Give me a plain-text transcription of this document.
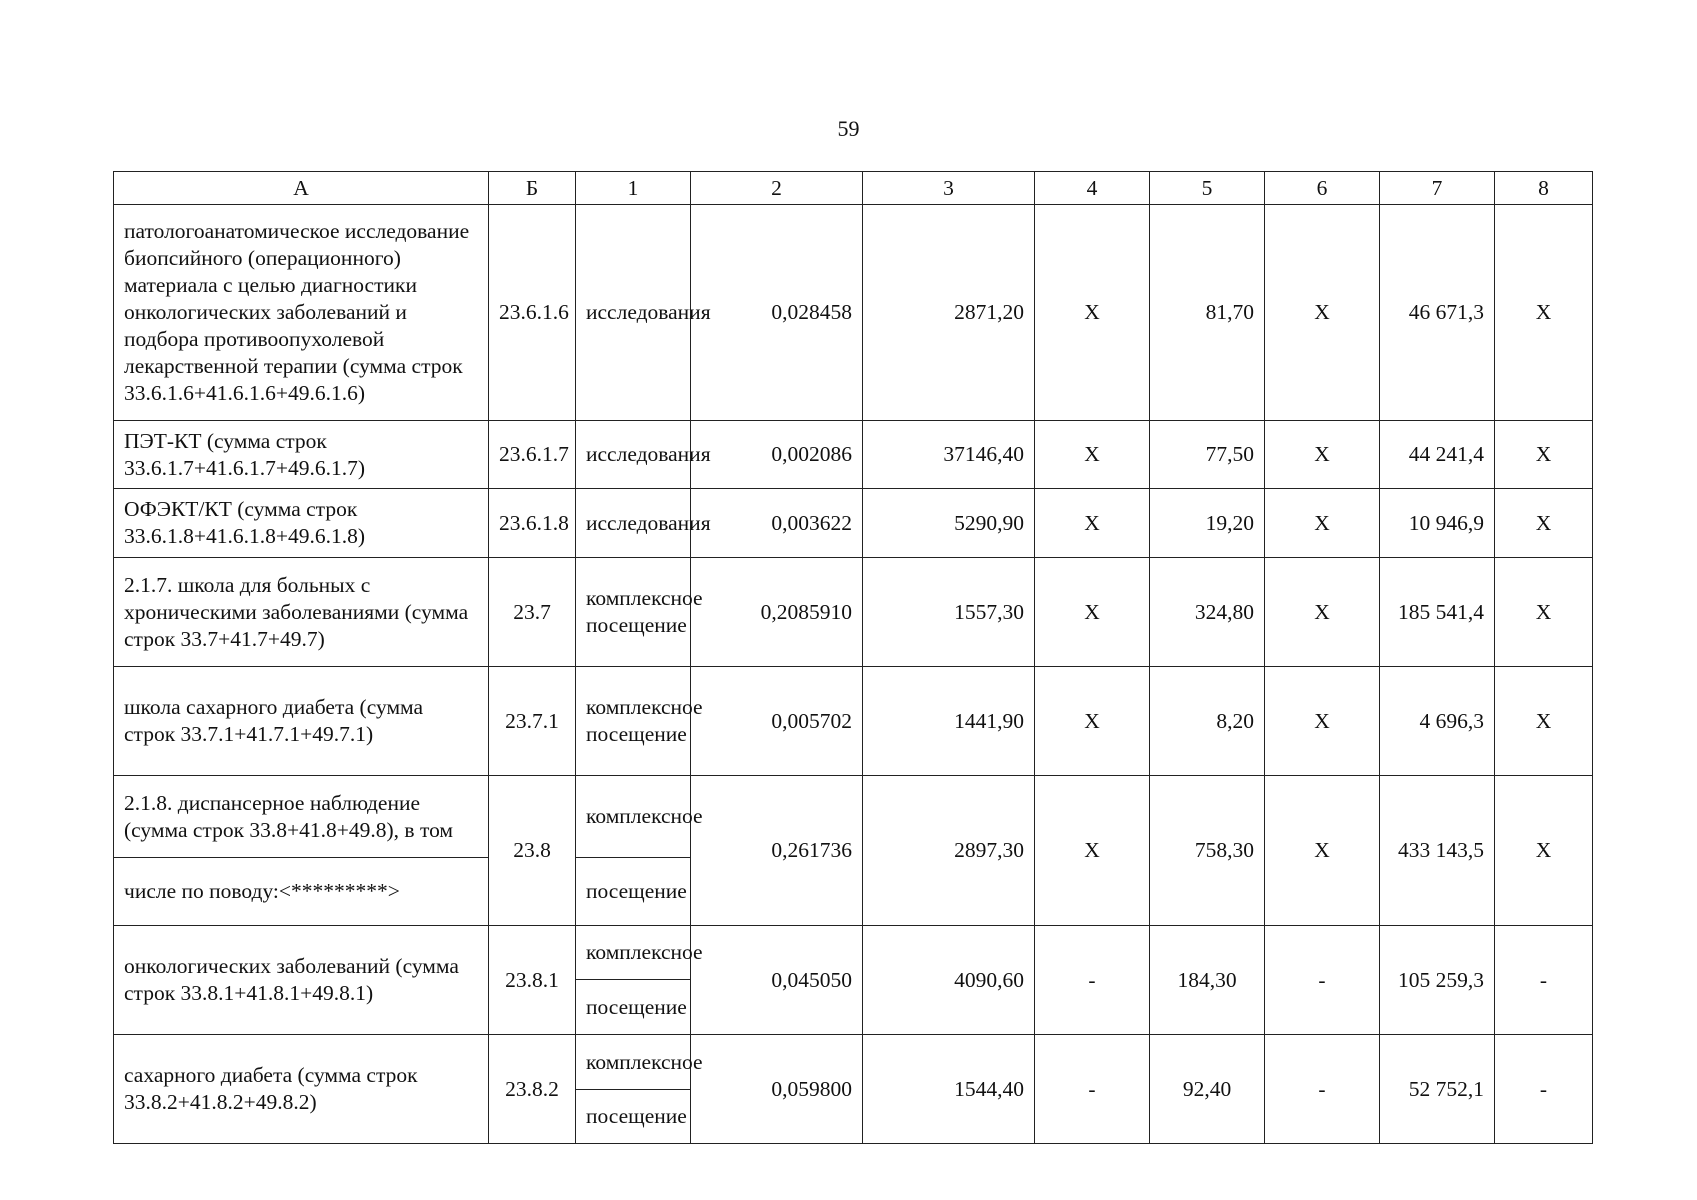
59
А	Б	1	2	3	4	5	6	7	8
патологоанатомическое исследование биопсийного (операционного) материала с целью диагностики онкологических заболеваний и подбора противоопухолевой лекарственной терапии (сумма строк 33.6.1.6+41.6.1.6+49.6.1.6)	23.6.1.6	исследования	0,028458	2871,20	Х	81,70	Х	46 671,3	Х
ПЭТ-КТ (сумма строк 33.6.1.7+41.6.1.7+49.6.1.7)	23.6.1.7	исследования	0,002086	37146,40	Х	77,50	Х	44 241,4	Х
ОФЭКТ/КТ (сумма строк 33.6.1.8+41.6.1.8+49.6.1.8)	23.6.1.8	исследования	0,003622	5290,90	Х	19,20	Х	10 946,9	Х
2.1.7. школа для больных с хроническими заболеваниями (сумма строк 33.7+41.7+49.7)	23.7	комплексное посещение	0,2085910	1557,30	Х	324,80	Х	185 541,4	Х
школа сахарного диабета (сумма строк 33.7.1+41.7.1+49.7.1)	23.7.1	комплексное посещение	0,005702	1441,90	Х	8,20	Х	4 696,3	Х
2.1.8. диспансерное наблюдение (сумма строк 33.8+41.8+49.8), в том	23.8	комплексное	0,261736	2897,30	Х	758,30	Х	433 143,5	Х
числе по поводу:<*********>		посещение							
онкологических заболеваний (сумма строк 33.8.1+41.8.1+49.8.1)	23.8.1	комплексное	0,045050	4090,60	-	184,30	-	105 259,3	-
		посещение							
сахарного диабета (сумма строк 33.8.2+41.8.2+49.8.2)	23.8.2	комплексное	0,059800	1544,40	-	92,40	-	52 752,1	-
		посещение							
